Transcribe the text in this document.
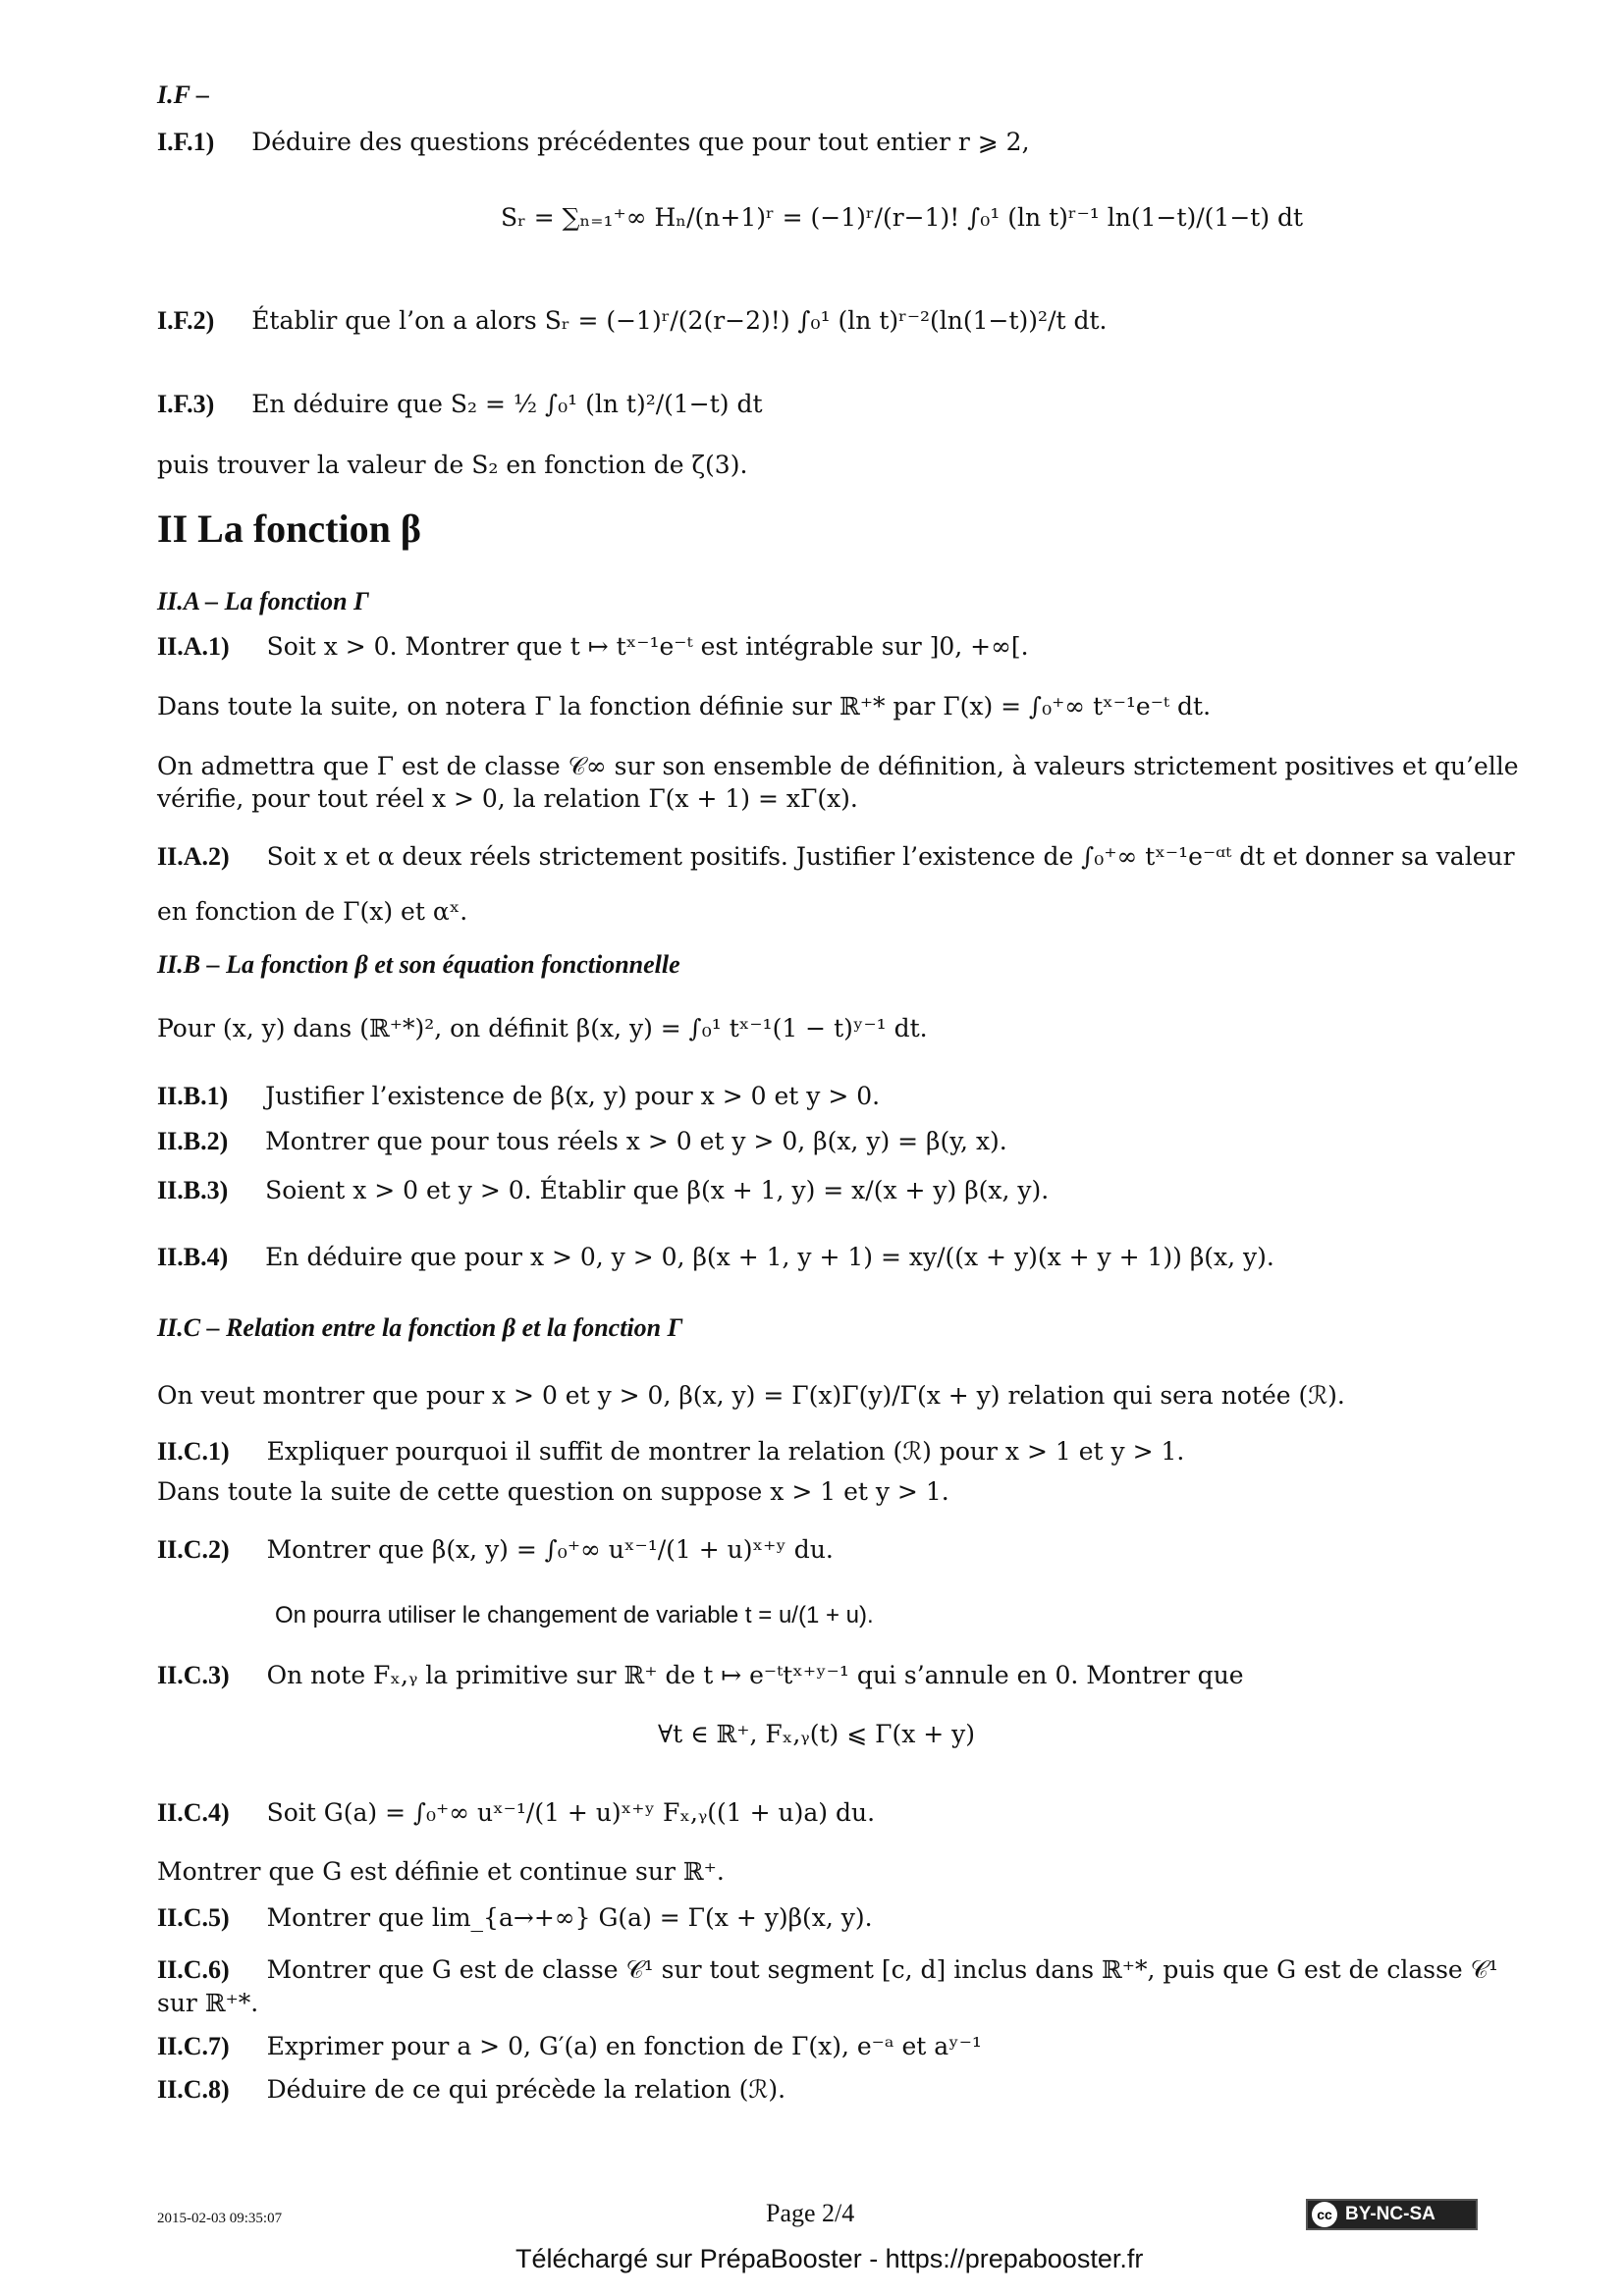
I.F –
I.F.1) Déduire des questions précédentes que pour tout entier r ⩾ 2,
Sᵣ = ∑ₙ₌₁⁺∞ Hₙ/(n+1)ʳ = (−1)ʳ/(r−1)! ∫₀¹ (ln t)ʳ⁻¹ ln(1−t)/(1−t) dt
I.F.2) Établir que l’on a alors Sᵣ = (−1)ʳ/(2(r−2)!) ∫₀¹ (ln t)ʳ⁻²(ln(1−t))²/t dt.
I.F.3) En déduire que S₂ = ½ ∫₀¹ (ln t)²/(1−t) dt
puis trouver la valeur de S₂ en fonction de ζ(3).
II La fonction β
II.A – La fonction Γ
II.A.1) Soit x > 0. Montrer que t ↦ tˣ⁻¹e⁻ᵗ est intégrable sur ]0, +∞[.
Dans toute la suite, on notera Γ la fonction définie sur ℝ⁺* par Γ(x) = ∫₀⁺∞ tˣ⁻¹e⁻ᵗ dt.
On admettra que Γ est de classe 𝒞∞ sur son ensemble de définition, à valeurs strictement positives et qu’elle
vérifie, pour tout réel x > 0, la relation Γ(x + 1) = xΓ(x).
II.A.2) Soit x et α deux réels strictement positifs. Justifier l’existence de ∫₀⁺∞ tˣ⁻¹e⁻ᵅᵗ dt et donner sa valeur
en fonction de Γ(x) et αˣ.
II.B – La fonction β et son équation fonctionnelle
Pour (x, y) dans (ℝ⁺*)², on définit β(x, y) = ∫₀¹ tˣ⁻¹(1 − t)ʸ⁻¹ dt.
II.B.1) Justifier l’existence de β(x, y) pour x > 0 et y > 0.
II.B.2) Montrer que pour tous réels x > 0 et y > 0, β(x, y) = β(y, x).
II.B.3) Soient x > 0 et y > 0. Établir que β(x + 1, y) = x/(x + y) β(x, y).
II.B.4) En déduire que pour x > 0, y > 0, β(x + 1, y + 1) = xy/((x + y)(x + y + 1)) β(x, y).
II.C – Relation entre la fonction β et la fonction Γ
On veut montrer que pour x > 0 et y > 0, β(x, y) = Γ(x)Γ(y)/Γ(x + y) relation qui sera notée (ℛ).
II.C.1) Expliquer pourquoi il suffit de montrer la relation (ℛ) pour x > 1 et y > 1.
Dans toute la suite de cette question on suppose x > 1 et y > 1.
II.C.2) Montrer que β(x, y) = ∫₀⁺∞ uˣ⁻¹/(1 + u)ˣ⁺ʸ du.
On pourra utiliser le changement de variable t = u/(1 + u).
II.C.3) On note Fₓ,ᵧ la primitive sur ℝ⁺ de t ↦ e⁻ᵗtˣ⁺ʸ⁻¹ qui s’annule en 0. Montrer que
∀t ∈ ℝ⁺, Fₓ,ᵧ(t) ⩽ Γ(x + y)
II.C.4) Soit G(a) = ∫₀⁺∞ uˣ⁻¹/(1 + u)ˣ⁺ʸ Fₓ,ᵧ((1 + u)a) du.
Montrer que G est définie et continue sur ℝ⁺.
II.C.5) Montrer que lim_{a→+∞} G(a) = Γ(x + y)β(x, y).
II.C.6) Montrer que G est de classe 𝒞¹ sur tout segment [c, d] inclus dans ℝ⁺*, puis que G est de classe 𝒞¹
sur ℝ⁺*.
II.C.7) Exprimer pour a > 0, G′(a) en fonction de Γ(x), e⁻ᵃ et aʸ⁻¹
II.C.8) Déduire de ce qui précède la relation (ℛ).
2015-02-03 09:35:07	Page 2/4	cc BY-NC-SA
Téléchargé sur PrépaBooster - https://prepabooster.fr
